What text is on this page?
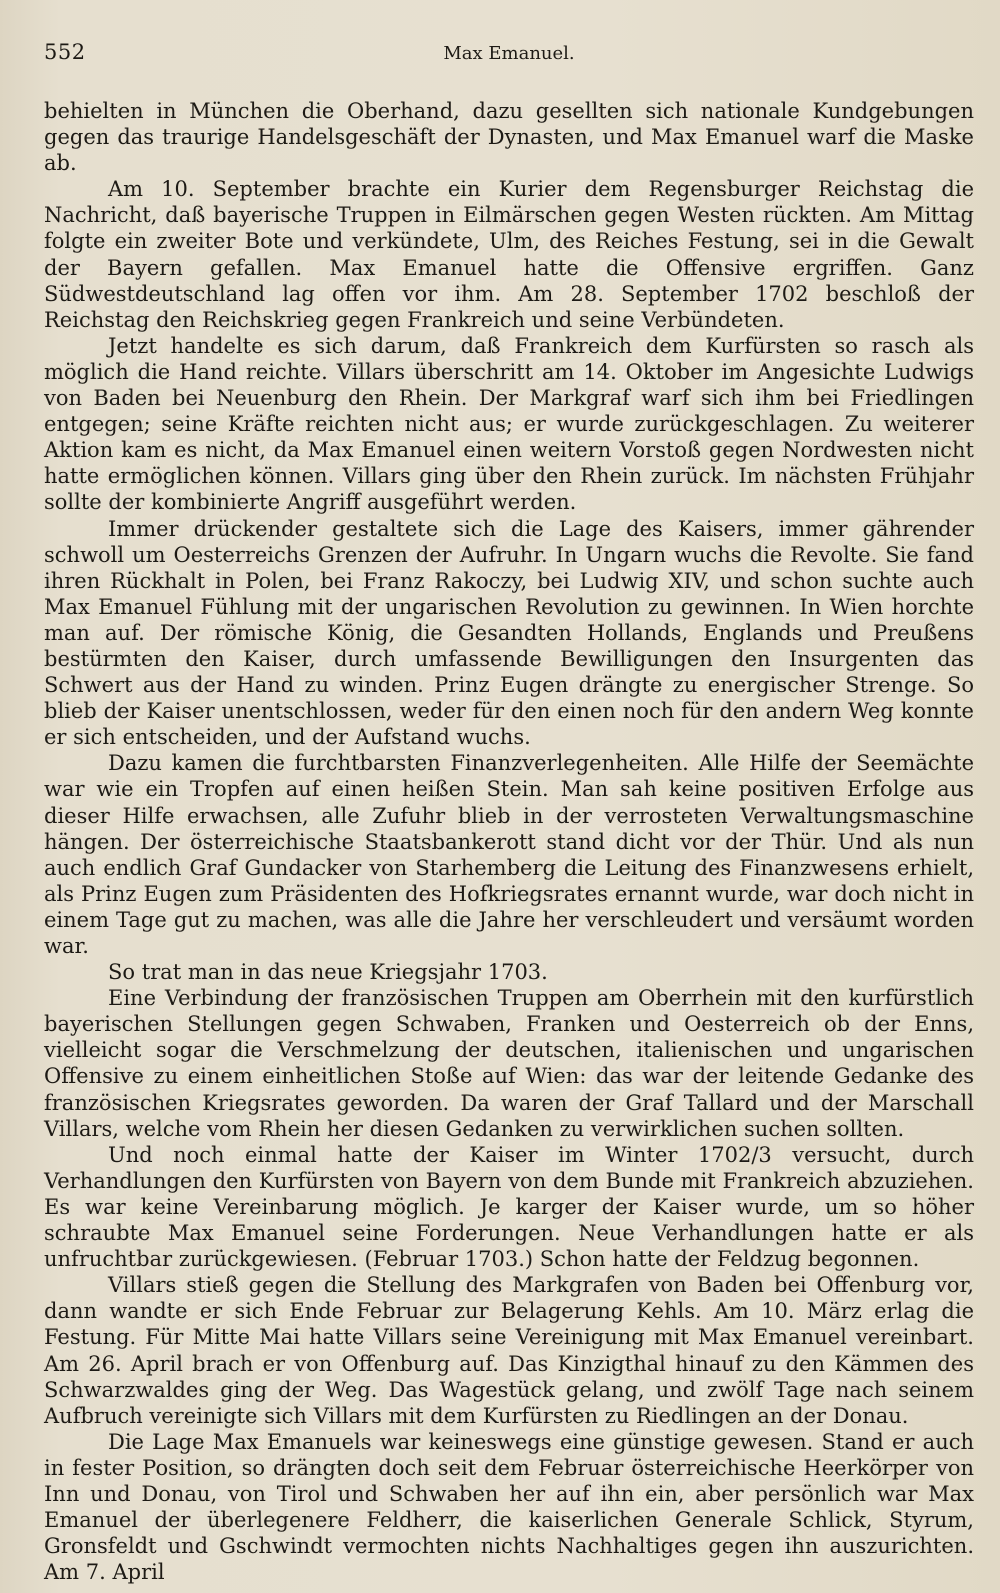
552	Max Emanuel.

behielten in München die Oberhand, dazu gesellten sich nationale Kundgebungen gegen das traurige Handelsgeschäft der Dynasten, und Max Emanuel warf die Maske ab.

Am 10. September brachte ein Kurier dem Regensburger Reichstag die Nachricht, daß bayerische Truppen in Eilmärschen gegen Westen rückten. Am Mittag folgte ein zweiter Bote und verkündete, Ulm, des Reiches Festung, sei in die Gewalt der Bayern gefallen. Max Emanuel hatte die Offensive ergriffen. Ganz Südwestdeutschland lag offen vor ihm. Am 28. September 1702 beschloß der Reichstag den Reichskrieg gegen Frankreich und seine Verbündeten.

Jetzt handelte es sich darum, daß Frankreich dem Kurfürsten so rasch als möglich die Hand reichte. Villars überschritt am 14. Oktober im Angesichte Ludwigs von Baden bei Neuenburg den Rhein. Der Markgraf warf sich ihm bei Friedlingen entgegen; seine Kräfte reichten nicht aus; er wurde zurückgeschlagen. Zu weiterer Aktion kam es nicht, da Max Emanuel einen weitern Vorstoß gegen Nordwesten nicht hatte ermöglichen können. Villars ging über den Rhein zurück. Im nächsten Frühjahr sollte der kombinierte Angriff ausgeführt werden.

Immer drückender gestaltete sich die Lage des Kaisers, immer gährender schwoll um Oesterreichs Grenzen der Aufruhr. In Ungarn wuchs die Revolte. Sie fand ihren Rückhalt in Polen, bei Franz Rakoczy, bei Ludwig XIV, und schon suchte auch Max Emanuel Fühlung mit der ungarischen Revolution zu gewinnen. In Wien horchte man auf. Der römische König, die Gesandten Hollands, Englands und Preußens bestürmten den Kaiser, durch umfassende Bewilligungen den Insurgenten das Schwert aus der Hand zu winden. Prinz Eugen drängte zu energischer Strenge. So blieb der Kaiser unentschlossen, weder für den einen noch für den andern Weg konnte er sich entscheiden, und der Aufstand wuchs.

Dazu kamen die furchtbarsten Finanzverlegenheiten. Alle Hilfe der Seemächte war wie ein Tropfen auf einen heißen Stein. Man sah keine positiven Erfolge aus dieser Hilfe erwachsen, alle Zufuhr blieb in der verrosteten Verwaltungsmaschine hängen. Der österreichische Staatsbankerott stand dicht vor der Thür. Und als nun auch endlich Graf Gundacker von Starhemberg die Leitung des Finanzwesens erhielt, als Prinz Eugen zum Präsidenten des Hofkriegsrates ernannt wurde, war doch nicht in einem Tage gut zu machen, was alle die Jahre her verschleudert und versäumt worden war.

So trat man in das neue Kriegsjahr 1703.

Eine Verbindung der französischen Truppen am Oberrhein mit den kurfürstlich bayerischen Stellungen gegen Schwaben, Franken und Oesterreich ob der Enns, vielleicht sogar die Verschmelzung der deutschen, italienischen und ungarischen Offensive zu einem einheitlichen Stoße auf Wien: das war der leitende Gedanke des französischen Kriegsrates geworden. Da waren der Graf Tallard und der Marschall Villars, welche vom Rhein her diesen Gedanken zu verwirklichen suchen sollten.

Und noch einmal hatte der Kaiser im Winter 1702/3 versucht, durch Verhandlungen den Kurfürsten von Bayern von dem Bunde mit Frankreich abzuziehen. Es war keine Vereinbarung möglich. Je karger der Kaiser wurde, um so höher schraubte Max Emanuel seine Forderungen. Neue Verhandlungen hatte er als unfruchtbar zurückgewiesen. (Februar 1703.) Schon hatte der Feldzug begonnen.

Villars stieß gegen die Stellung des Markgrafen von Baden bei Offenburg vor, dann wandte er sich Ende Februar zur Belagerung Kehls. Am 10. März erlag die Festung. Für Mitte Mai hatte Villars seine Vereinigung mit Max Emanuel vereinbart. Am 26. April brach er von Offenburg auf. Das Kinzigthal hinauf zu den Kämmen des Schwarzwaldes ging der Weg. Das Wagestück gelang, und zwölf Tage nach seinem Aufbruch vereinigte sich Villars mit dem Kurfürsten zu Riedlingen an der Donau.

Die Lage Max Emanuels war keineswegs eine günstige gewesen. Stand er auch in fester Position, so drängten doch seit dem Februar österreichische Heerkörper von Inn und Donau, von Tirol und Schwaben her auf ihn ein, aber persönlich war Max Emanuel der überlegenere Feldherr, die kaiserlichen Generale Schlick, Styrum, Gronsfeldt und Gschwindt vermochten nichts Nachhaltiges gegen ihn auszurichten. Am 7. April
